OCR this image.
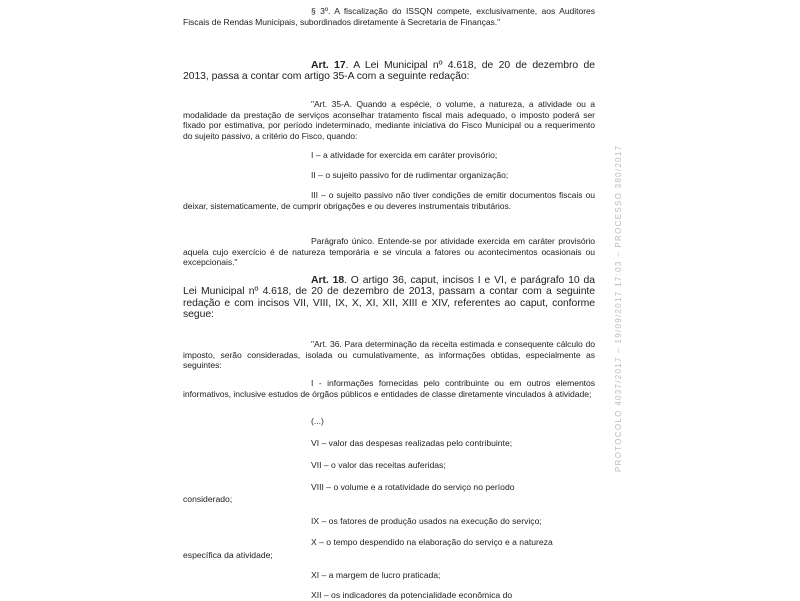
§ 3º. A fiscalização do ISSQN compete, exclusivamente, aos Auditores Fiscais de Rendas Municipais, subordinados diretamente à Secretaria de Finanças."
Art. 17. A Lei Municipal nº 4.618, de 20 de dezembro de 2013, passa a contar com artigo 35-A com a seguinte redação:
"Art. 35-A. Quando a espécie, o volume, a natureza, a atividade ou a modalidade da prestação de serviços aconselhar tratamento fiscal mais adequado, o imposto poderá ser fixado por estimativa, por período indeterminado, mediante iniciativa do Fisco Municipal ou a requerimento do sujeito passivo, a critério do Fisco, quando:
I – a atividade for exercida em caráter provisório;
II – o sujeito passivo for de rudimentar organização;
III – o sujeito passivo não tiver condições de emitir documentos fiscais ou deixar, sistematicamente, de cumprir obrigações e ou deveres instrumentais tributários.
Parágrafo único. Entende-se por atividade exercida em caráter provisório aquela cujo exercício é de natureza temporária e se vincula a fatores ou acontecimentos ocasionais ou excepcionais."
Art. 18. O artigo 36, caput, incisos I e VI, e parágrafo 10 da Lei Municipal nº 4.618, de 20 de dezembro de 2013, passam a contar com a seguinte redação e com incisos VII, VIII, IX, X, XI, XII, XIII e XIV, referentes ao caput, conforme segue:
"Art. 36. Para determinação da receita estimada e consequente cálculo do imposto, serão consideradas, isolada ou cumulativamente, as informações obtidas, especialmente as seguintes:
I - informações fornecidas pelo contribuinte ou em outros elementos informativos, inclusive estudos de órgãos públicos e entidades de classe diretamente vinculados à atividade;
(...)
VI – valor das despesas realizadas pelo contribuinte;
VII – o valor das receitas auferidas;
VIII – o volume e a rotatividade do serviço no período
considerado;
IX – os fatores de produção usados na execução do serviço;
X – o tempo despendido na elaboração do serviço e a natureza
específica da atividade;
XI – a margem de lucro praticada;
XII – os indicadores da potencialidade econômica do
PROTOCOLO 4037/2017 – 19/09/2017 17:03 – PROCESSO 380/2017
